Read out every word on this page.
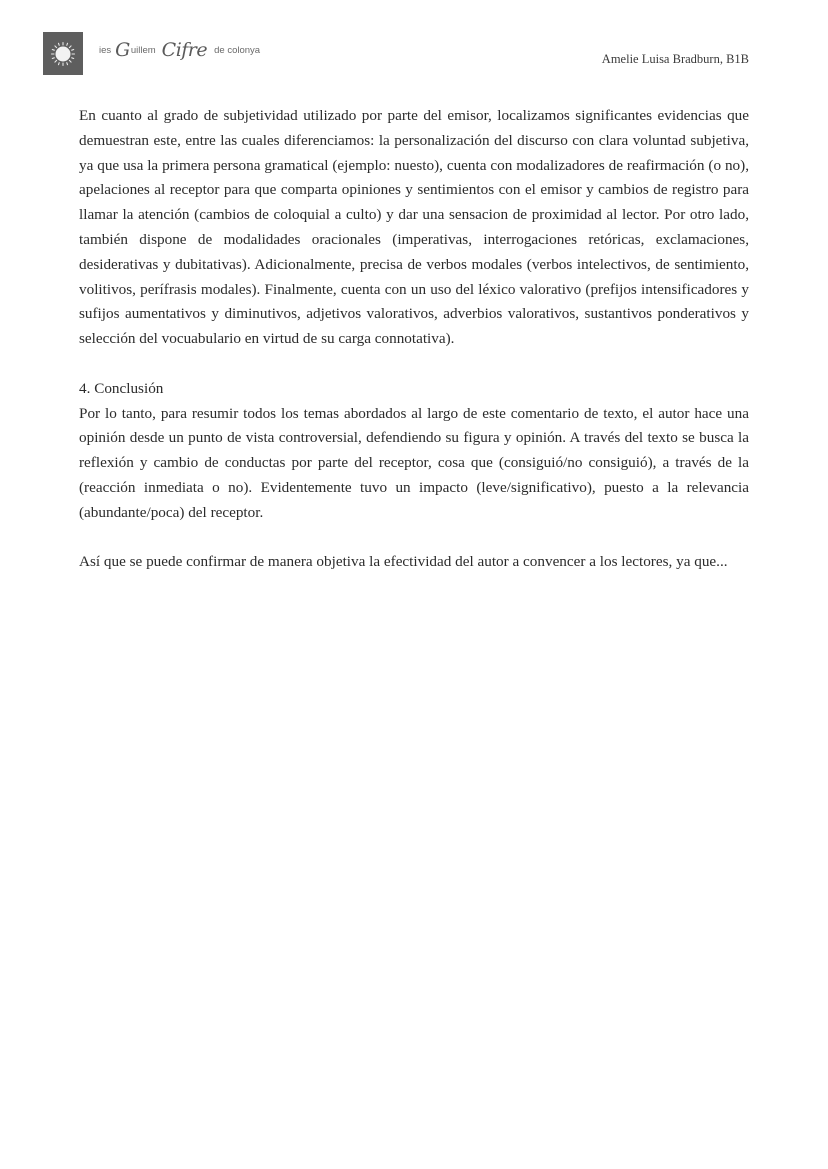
ies G uillem Cifre de colonya
Amelie Luisa Bradburn, B1B

En cuanto al grado de subjetividad utilizado por parte del emisor, localizamos significantes evidencias que demuestran este, entre las cuales diferenciamos: la personalización del discurso con clara voluntad subjetiva, ya que usa la primera persona gramatical (ejemplo: nuesto), cuenta con modalizadores de reafirmación (o no), apelaciones al receptor para que comparta opiniones y sentimientos con el emisor y cambios de registro para llamar la atención (cambios de coloquial a culto) y dar una sensacion de proximidad al lector. Por otro lado, también dispone de modalidades oracionales (imperativas, interrogaciones retóricas, exclamaciones, desiderativas y dubitativas). Adicionalmente, precisa de verbos modales (verbos intelectivos, de sentimiento, volitivos, perífrasis modales). Finalmente, cuenta con un uso del léxico valorativo (prefijos intensificadores y sufijos aumentativos y diminutivos, adjetivos valorativos, adverbios valorativos, sustantivos ponderativos y selección del vocuabulario en virtud de su carga connotativa).

4. Conclusión

Por lo tanto, para resumir todos los temas abordados al largo de este comentario de texto, el autor hace una opinión desde un punto de vista controversial, defendiendo su figura y opinión. A través del texto se busca la reflexión y cambio de conductas por parte del receptor, cosa que (consiguió/no consiguió), a través de la (reacción inmediata o no). Evidentemente tuvo un impacto (leve/significativo), puesto a la relevancia (abundante/poca) del receptor.

Así que se puede confirmar de manera objetiva la efectividad del autor a convencer a los lectores, ya que...
